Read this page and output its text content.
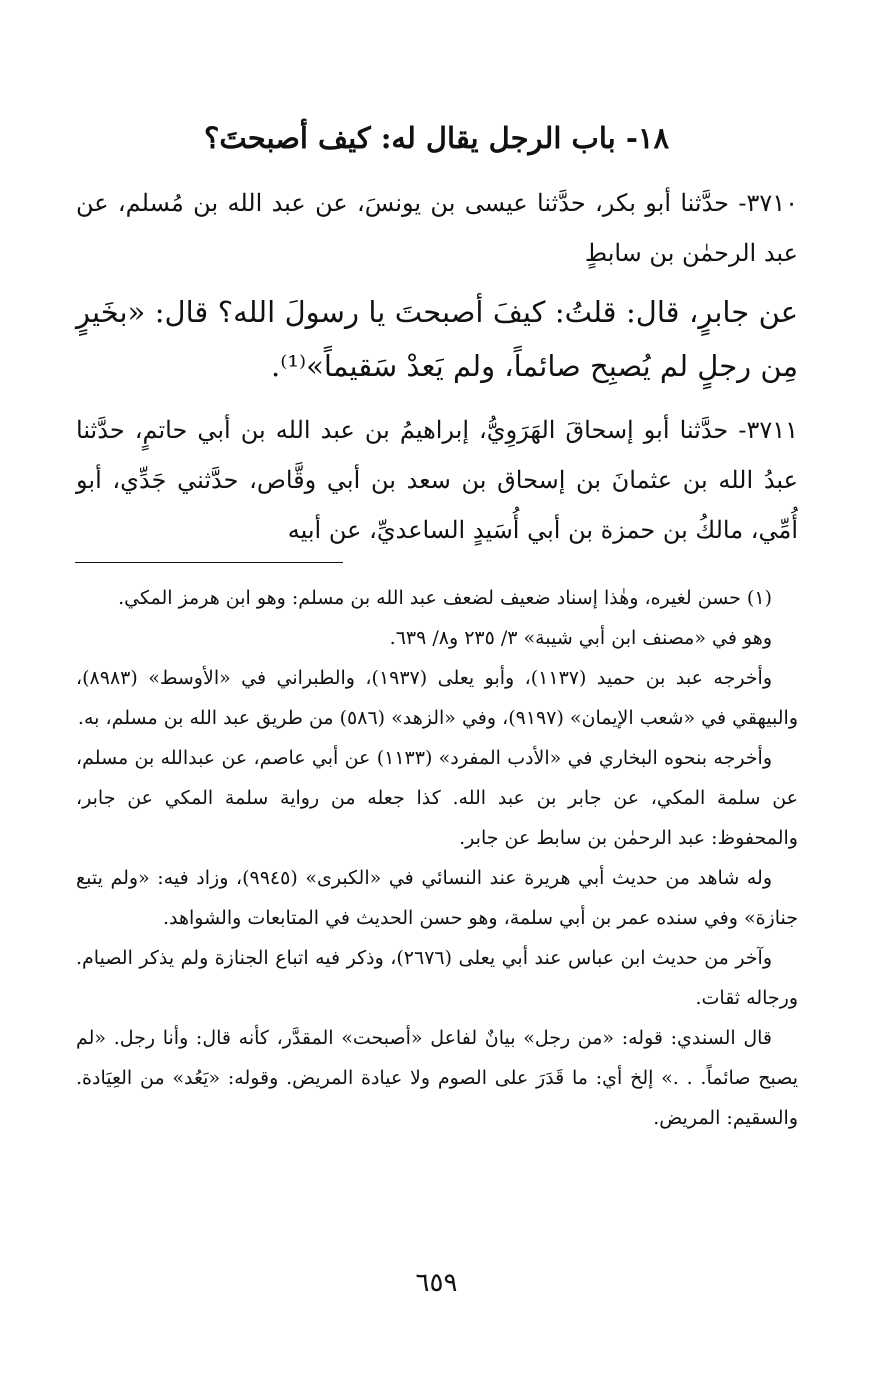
١٨- باب الرجل يقال له: كيف أصبحتَ؟
٣٧١٠- حدَّثنا أبو بكر، حدَّثنا عيسى بن يونسَ، عن عبد الله بن مُسلم، عن عبد الرحمٰن بن سابطٍ
عن جابرٍ، قال: قلتُ: كيفَ أصبحتَ يا رسولَ الله؟ قال: «بخَيرٍ مِن رجلٍ لم يُصبِح صائماً، ولم يَعدْ سَقيماً»⁽¹⁾.
٣٧١١- حدَّثنا أبو إسحاقَ الهَرَوِيُّ، إبراهيمُ بن عبد الله بن أبي حاتمٍ، حدَّثنا عبدُ الله بن عثمانَ بن إسحاق بن سعد بن أبي وقَّاص، حدَّثني جَدِّي، أبو أُمِّي، مالكُ بن حمزة بن أبي أُسَيدٍ الساعديِّ، عن أبيه

(١) حسن لغيره، وهٰذا إسناد ضعيف لضعف عبد الله بن مسلم: وهو ابن هرمز المكي.

وهو في «مصنف ابن أبي شيبة» ٣/ ٢٣٥ و٨/ ٦٣٩.

وأخرجه عبد بن حميد (١١٣٧)، وأبو يعلى (١٩٣٧)، والطبراني في «الأوسط» (٨٩٨٣)، والبيهقي في «شعب الإيمان» (٩١٩٧)، وفي «الزهد» (٥٨٦) من طريق عبد الله بن مسلم، به.

وأخرجه بنحوه البخاري في «الأدب المفرد» (١١٣٣) عن أبي عاصم، عن عبدالله بن مسلم، عن سلمة المكي، عن جابر بن عبد الله. كذا جعله من رواية سلمة المكي عن جابر، والمحفوظ: عبد الرحمٰن بن سابط عن جابر.

وله شاهد من حديث أبي هريرة عند النسائي في «الكبرى» (٩٩٤٥)، وزاد فيه: «ولم يتبع جنازة» وفي سنده عمر بن أبي سلمة، وهو حسن الحديث في المتابعات والشواهد.

وآخر من حديث ابن عباس عند أبي يعلى (٢٦٧٦)، وذكر فيه اتباع الجنازة ولم يذكر الصيام. ورجاله ثقات.

قال السندي: قوله: «من رجل» بيانٌ لفاعل «أصبحت» المقدَّر، كأنه قال: وأنا رجل. «لم يصبح صائماً. . .» إلخ أي: ما قَدَرَ على الصوم ولا عيادة المريض. وقوله: «يَعُد» من العِيَادة. والسقيم: المريض.

٦٥٩
